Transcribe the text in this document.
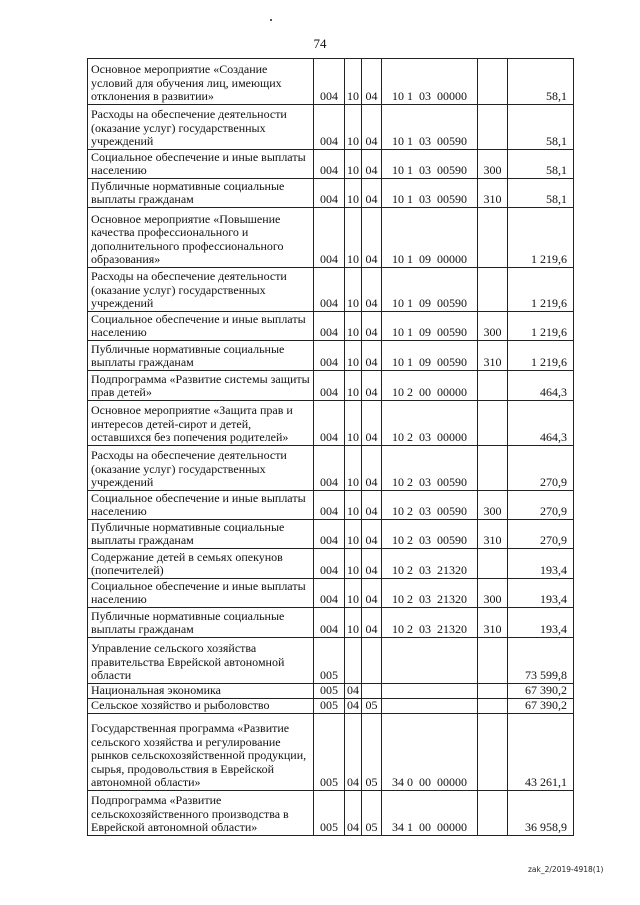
74
Основное мероприятие «Создание условий для обучения лиц, имеющих отклонения в развитии»	004	10	04	10 1  03  00000		58,1
Расходы на обеспечение деятельности (оказание услуг) государственных учреждений	004	10	04	10 1  03  00590		58,1
Социальное обеспечение и иные выплаты населению	004	10	04	10 1  03  00590	300	58,1
Публичные нормативные социальные выплаты гражданам	004	10	04	10 1  03  00590	310	58,1
Основное мероприятие «Повышение качества профессионального и дополнительного профессионального образования»	004	10	04	10 1  09  00000		1 219,6
Расходы на обеспечение деятельности (оказание услуг) государственных учреждений	004	10	04	10 1  09  00590		1 219,6
Социальное обеспечение и иные выплаты населению	004	10	04	10 1  09  00590	300	1 219,6
Публичные нормативные социальные выплаты гражданам	004	10	04	10 1  09  00590	310	1 219,6
Подпрограмма «Развитие системы защиты прав детей»	004	10	04	10 2  00  00000		464,3
Основное мероприятие «Защита прав и интересов детей-сирот и детей, оставшихся без попечения родителей»	004	10	04	10 2  03  00000		464,3
Расходы на обеспечение деятельности (оказание услуг) государственных учреждений	004	10	04	10 2  03  00590		270,9
Социальное обеспечение и иные выплаты населению	004	10	04	10 2  03  00590	300	270,9
Публичные нормативные социальные выплаты гражданам	004	10	04	10 2  03  00590	310	270,9
Содержание детей в семьях опекунов (попечителей)	004	10	04	10 2  03  21320		193,4
Социальное обеспечение и иные выплаты населению	004	10	04	10 2  03  21320	300	193,4
Публичные нормативные социальные выплаты гражданам	004	10	04	10 2  03  21320	310	193,4
Управление сельского хозяйства правительства Еврейской автономной области	005					73 599,8
Национальная экономика	005	04				67 390,2
Сельское хозяйство и рыболовство	005	04	05			67 390,2
Государственная программа «Развитие сельского хозяйства и регулирование рынков сельскохозяйственной продукции, сырья, продовольствия в Еврейской автономной области»	005	04	05	34 0  00  00000		43 261,1
Подпрограмма «Развитие сельскохозяйственного производства в Еврейской автономной области»	005	04	05	34 1  00  00000		36 958,9
zak_2/2019-4918(1)
